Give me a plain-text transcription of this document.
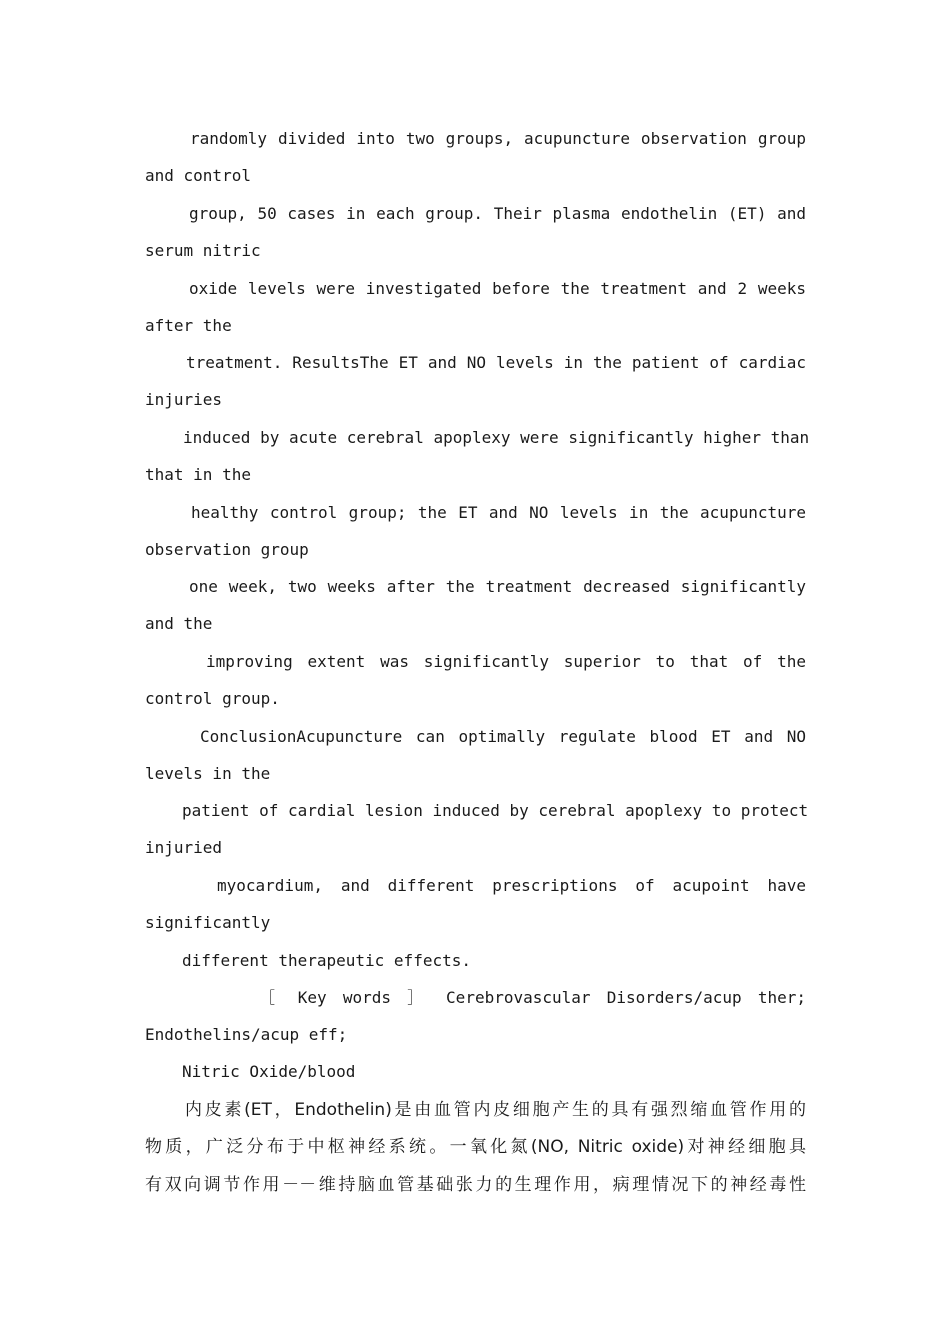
randomly divided into two groups, acupuncture observation group
and control
group, 50 cases in each group. Their plasma endothelin (ET) and
serum nitric
oxide levels were investigated before the treatment and 2 weeks
after the
treatment. ResultsThe ET and NO levels in the patient of cardiac
injuries
induced by acute cerebral apoplexy were significantly higher than
that in the
healthy control group; the ET and NO levels in the acupuncture
observation group
one week, two weeks after the treatment decreased significantly
and the
improving extent was significantly superior to that of the
control group.
ConclusionAcupuncture can optimally regulate blood ET and NO
levels in the
patient of cardial lesion induced by cerebral apoplexy to protect
injuried
myocardium, and different prescriptions of acupoint have
significantly
different therapeutic effects.
［ Key words ］ Cerebrovascular Disorders/acup ther;
Endothelins/acup eff;
Nitric Oxide/blood
内皮素(ET，Endothelin)是由血管内皮细胞产生的具有强烈缩血管作用的
物质，广泛分布于中枢神经系统。一氧化氮(NO, Nitric oxide)对神经细胞具
有双向调节作用－－维持脑血管基础张力的生理作用，病理情况下的神经毒性
